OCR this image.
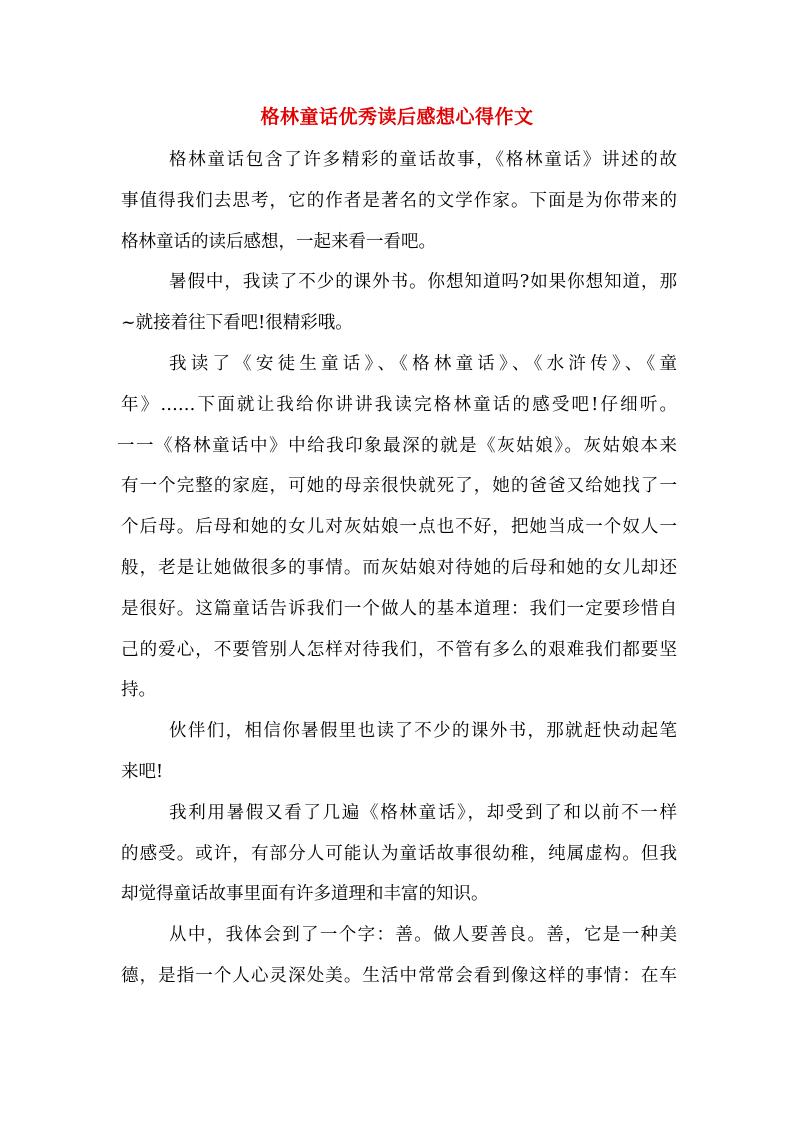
格林童话优秀读后感想心得作文
格林童话包含了许多精彩的童话故事，《格林童话》讲述的故
事值得我们去思考，它的作者是著名的文学作家。下面是为你带来的
格林童话的读后感想，一起来看一看吧。
暑假中，我读了不少的课外书。你想知道吗?如果你想知道，那
~就接着往下看吧!很精彩哦。
我读了《安徒生童话》、《格林童话》、《水浒传》、《童
年》……下面就让我给你讲讲我读完格林童话的感受吧!仔细听。
一一《格林童话中》中给我印象最深的就是《灰姑娘》。灰姑娘本来
有一个完整的家庭，可她的母亲很快就死了，她的爸爸又给她找了一
个后母。后母和她的女儿对灰姑娘一点也不好，把她当成一个奴人一
般，老是让她做很多的事情。而灰姑娘对待她的后母和她的女儿却还
是很好。这篇童话告诉我们一个做人的基本道理：我们一定要珍惜自
己的爱心，不要管别人怎样对待我们，不管有多么的艰难我们都要坚
持。
伙伴们，相信你暑假里也读了不少的课外书，那就赶快动起笔
来吧!
我利用暑假又看了几遍《格林童话》，却受到了和以前不一样
的感受。或许，有部分人可能认为童话故事很幼稚，纯属虚构。但我
却觉得童话故事里面有许多道理和丰富的知识。
从中，我体会到了一个字：善。做人要善良。善，它是一种美
德，是指一个人心灵深处美。生活中常常会看到像这样的事情：在车
